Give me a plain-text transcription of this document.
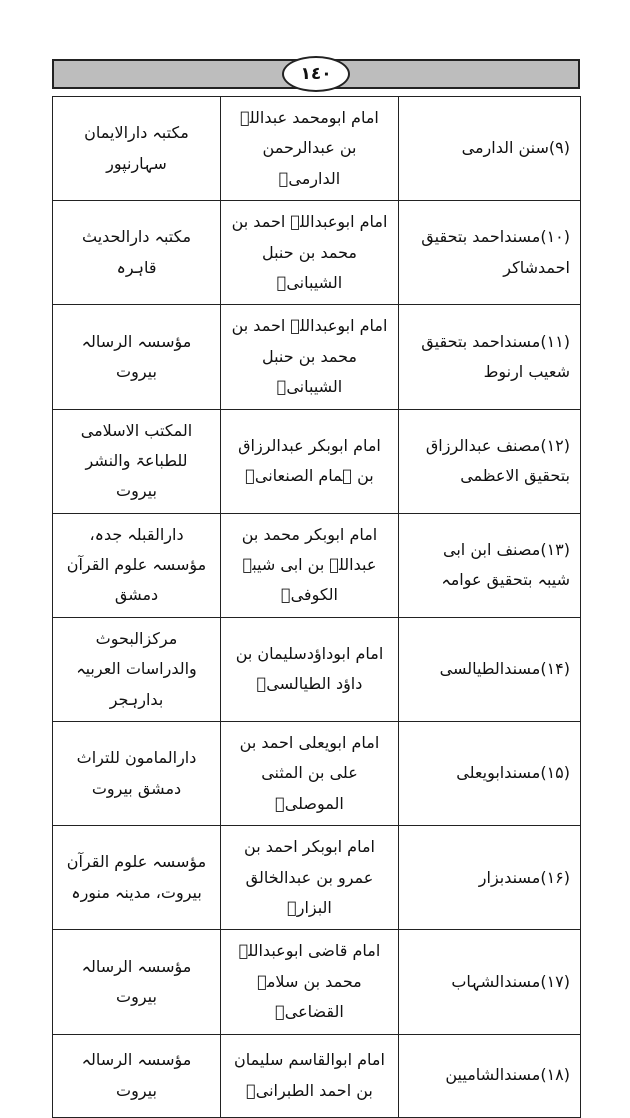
١٤٠
(۹)سنن الدارمی	امام ابومحمد عبداللہ بن عبدالرحمن الدارمیؒ	مکتبہ دارالایمان سہارنپور
(۱۰)مسنداحمد بتحقیق احمدشاکر	امام ابوعبداللہ احمد بن محمد بن حنبل الشیبانیؒ	مکتبہ دارالحدیث قاہرہ
(۱۱)مسنداحمد بتحقیق شعیب ارنوط	امام ابوعبداللہ احمد بن محمد بن حنبل الشیبانیؒ	مؤسسہ الرسالہ بیروت
(۱۲)مصنف عبدالرزاق بتحقیق الاعظمی	امام ابوبکر عبدالرزاق بن ہمام الصنعانیؒ	المکتب الاسلامی للطباعۃ والنشر بیروت
(۱۳)مصنف ابن ابی شیبہ بتحقیق عوامہ	امام ابوبکر محمد بن عبداللہ بن ابی شیبۃ الکوفیؒ	دارالقبلہ جدہ، مؤسسہ علوم القرآن دمشق
(۱۴)مسندالطیالسی	امام ابوداؤدسلیمان بن داؤد الطیالسیؒ	مرکزالبحوث والدراسات العربیہ بدارہجر
(۱۵)مسندابویعلی	امام ابویعلی احمد بن علی بن المثنی الموصلیؒ	دارالمامون للتراث دمشق بیروت
(۱۶)مسندبزار	امام ابوبکر احمد بن عمرو بن عبدالخالق البزارؒ	مؤسسہ علوم القرآن بیروت، مدینہ منورہ
(۱۷)مسندالشہاب	امام قاضی ابوعبداللہ محمد بن سلامہ القضاعیؒ	مؤسسہ الرسالہ بیروت
(۱۸)مسندالشامیین	امام ابوالقاسم سلیمان بن احمد الطبرانیؒ	مؤسسہ الرسالہ بیروت
